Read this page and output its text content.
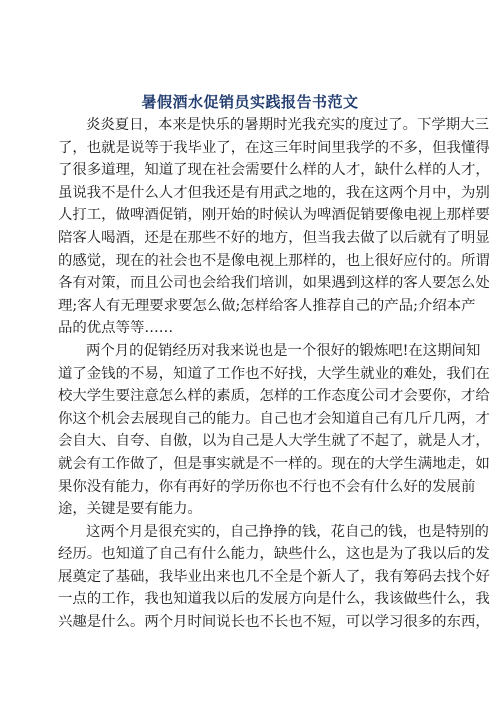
暑假酒水促销员实践报告书范文
炎炎夏日，本来是快乐的暑期时光我充实的度过了。下学期大三
了，也就是说等于我毕业了，在这三年时间里我学的不多，但我懂得
了很多道理，知道了现在社会需要什么样的人才，缺什么样的人才，
虽说我不是什么人才但我还是有用武之地的，我在这两个月中，为别
人打工，做啤酒促销，刚开始的时候认为啤酒促销要像电视上那样要
陪客人喝酒，还是在那些不好的地方，但当我去做了以后就有了明显
的感觉，现在的社会也不是像电视上那样的，也上很好应付的。所谓
各有对策，而且公司也会给我们培训，如果遇到这样的客人要怎么处
理;客人有无理要求要怎么做;怎样给客人推荐自己的产品;介绍本产
品的优点等等……
两个月的促销经历对我来说也是一个很好的锻炼吧!在这期间知
道了金钱的不易，知道了工作也不好找，大学生就业的难处，我们在
校大学生要注意怎么样的素质，怎样的工作态度公司才会要你，才给
你这个机会去展现自己的能力。自己也才会知道自己有几斤几两，才
会自大、自夸、自傲，以为自己是人大学生就了不起了，就是人才，
就会有工作做了，但是事实就是不一样的。现在的大学生满地走，如
果你没有能力，你有再好的学历你也不行也不会有什么好的发展前
途，关键是要有能力。
这两个月是很充实的，自己挣挣的钱，花自己的钱，也是特别的
经历。也知道了自己有什么能力，缺些什么，这也是为了我以后的发
展奠定了基础，我毕业出来也几不全是个新人了，我有筹码去找个好
一点的工作，我也知道我以后的发展方向是什么，我该做些什么，我
兴趣是什么。两个月时间说长也不长也不短，可以学习很多的东西，
